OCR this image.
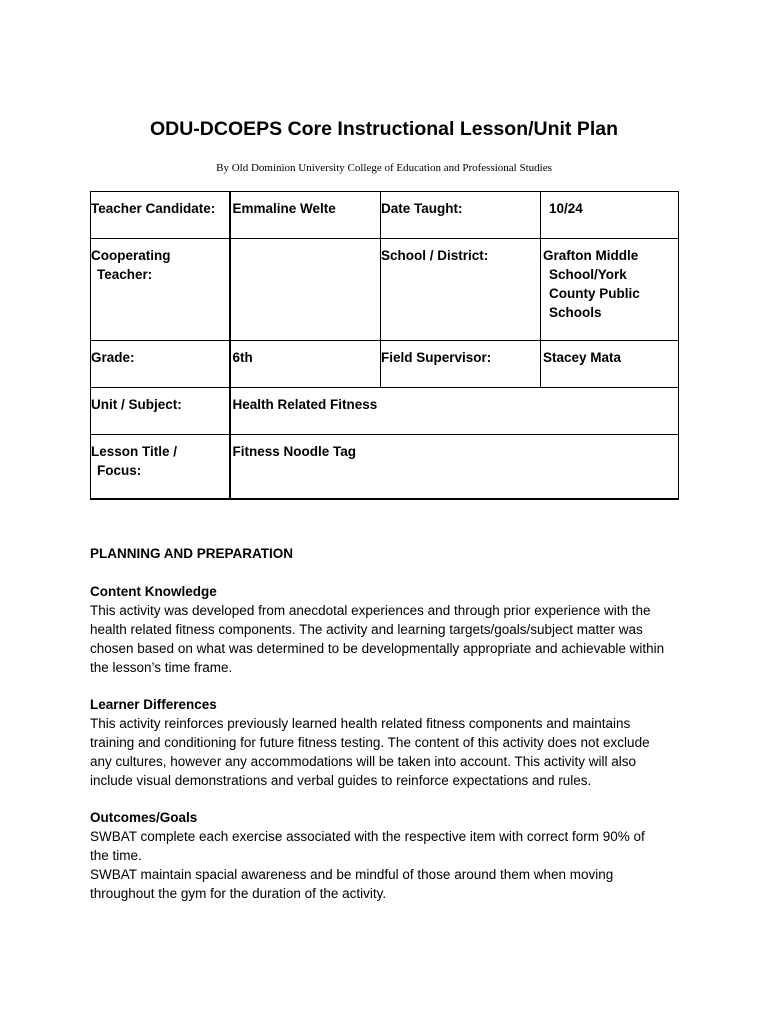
ODU-DCOEPS Core Instructional Lesson/Unit Plan
By Old Dominion University College of Education and Professional Studies
Teacher Candidate:	Emmaline Welte	Date Taught:	10/24
Cooperating
Teacher:		School / District:	Grafton Middle
School/York
County Public
Schools

Grade:	6th	Field Supervisor:	Stacey Mata
Unit / Subject:	Health Related Fitness		
Lesson Title /
Focus:	Fitness Noodle Tag		
PLANNING AND PREPARATION
Content Knowledge
This activity was developed from anecdotal experiences and through prior experience with the
health related fitness components. The activity and learning targets/goals/subject matter was
chosen based on what was determined to be developmentally appropriate and achievable within
the lesson’s time frame.
Learner Differences
This activity reinforces previously learned health related fitness components and maintains
training and conditioning for future fitness testing. The content of this activity does not exclude
any cultures, however any accommodations will be taken into account. This activity will also
include visual demonstrations and verbal guides to reinforce expectations and rules.
Outcomes/Goals
SWBAT complete each exercise associated with the respective item with correct form 90% of
the time.
SWBAT maintain spacial awareness and be mindful of those around them when moving
throughout the gym for the duration of the activity.
